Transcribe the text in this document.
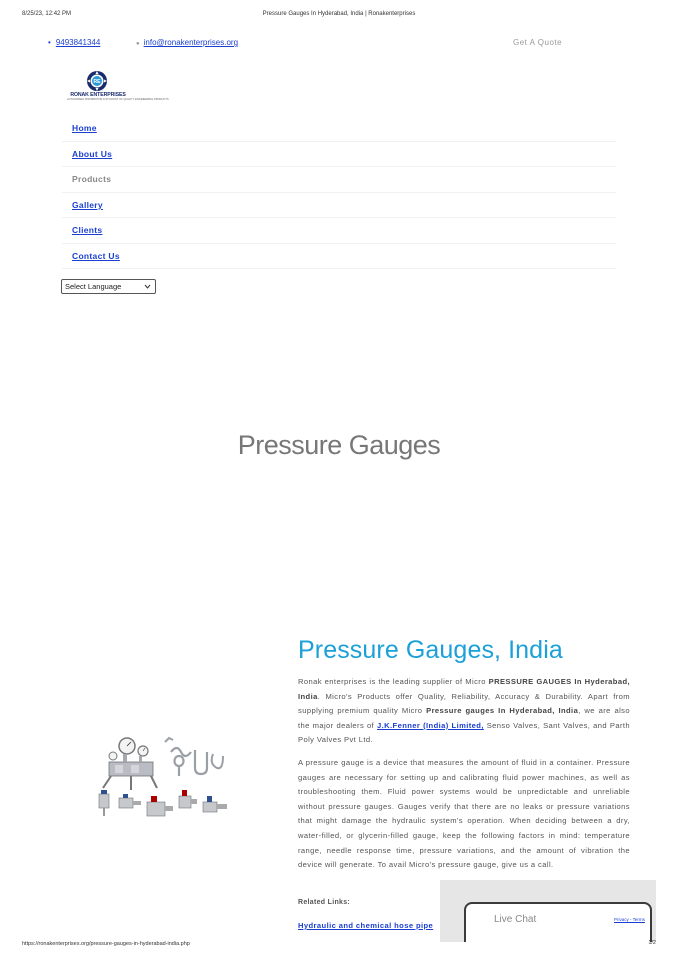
8/25/23, 12:42 PM	Pressure Gauges In Hyderabad, India | Ronakenterprises
• 9493841344	● info@ronakenterprises.org	Get A Quote
RE
RONAK ENTERPRISES
AUTHORISED DISTRIBUTOR & STOCKIST OF QUALITY ENGINEERING PRODUCTS
Home
About Us
Products
Gallery
Clients
Contact Us
Select Language
Pressure Gauges
Pressure Gauges, India

Ronak enterprises is the leading supplier of Micro PRESSURE GAUGES In Hyderabad, India. Micro's Products offer Quality, Reliability, Accuracy & Durability. Apart from supplying premium quality Micro Pressure gauges In Hyderabad, India, we are also the major dealers of J.K.Fenner (India) Limited, Senso Valves, Sant Valves, and Parth Poly Valves Pvt Ltd.

A pressure gauge is a device that measures the amount of fluid in a container. Pressure gauges are necessary for setting up and calibrating fluid power machines, as well as troubleshooting them. Fluid power systems would be unpredictable and unreliable without pressure gauges. Gauges verify that there are no leaks or pressure variations that might damage the hydraulic system's operation. When deciding between a dry, water-filled, or glycerin-filled gauge, keep the following factors in mind: temperature range, needle response time, pressure variations, and the amount of vibration the device will generate. To avail Micro's pressure gauge, give us a call.

Related Links:
Hydraulic and chemical hose pipe
Live Chat	Privacy - Terms
https://ronakenterprises.org/pressure-gauges-in-hyderabad-india.php	1/2
